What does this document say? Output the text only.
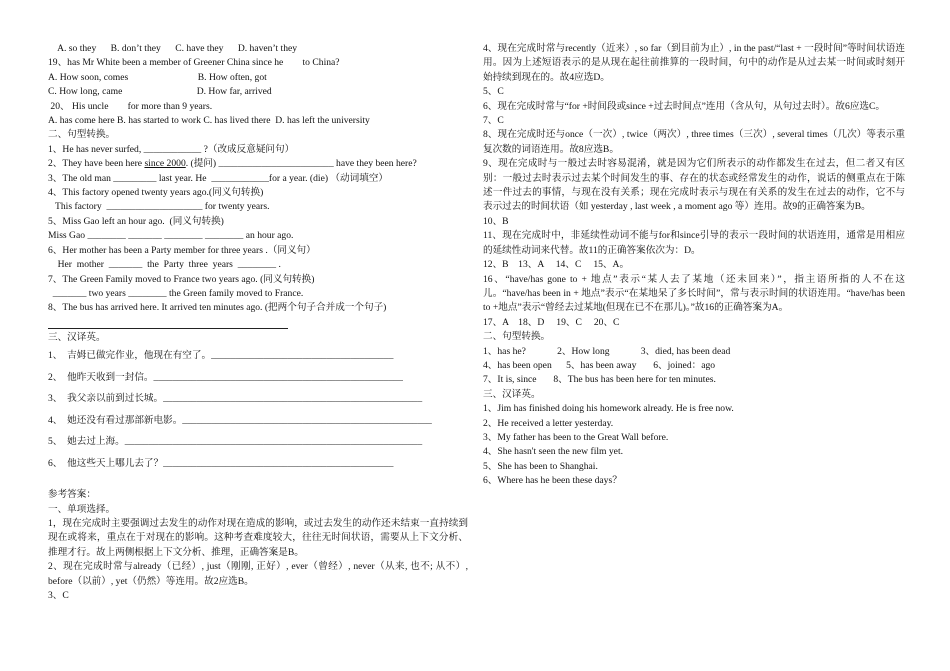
A. so they      B. don’t they      C. have they      D. haven’t they
19、has Mr White been a member of Greener China since he        to China?
A. How soon, comes                             B. How often, got
C. How long, came                               D. How far, arrived
20、 His uncle        for more than 9 years.
A. has come here B. has started to work C. has lived there  D. has left the university
二、句型转换。
1、He has never surfed, ____________ ?（改成反意疑问句）
2、They have been here since 2000. (提问) ________________________ have they been here?
3、The old man _________ last year. He  ____________for a year. (die) （动词填空）
4、This factory opened twenty years ago.(同义句转换)
This factory  ____________________ for twenty years.
5、Miss Gao left an hour ago.  (同义句转换)
Miss Gao ________ _______ ________ ________ an hour ago.
6、Her mother has been a Party member for three years .（同义句）
Her  mother  _______  the  Party  three  years  ________ .
7、The Green Family moved to France two years ago. (同义句转换)
_______ two years ________ the Green family moved to France.
8、The bus has arrived here. It arrived ten minutes ago. (把两个句子合并成一个句子)
三、汉译英。
1、  吉姆已做完作业，他现在有空了。______________________________________
2、  他昨天收到一封信。____________________________________________________
3、  我父亲以前到过长城。______________________________________________________
4、  她还没有看过那部新电影。____________________________________________________
5、  她去过上海。______________________________________________________________
6、  他这些天上哪儿去了？________________________________________________
参考答案：
一、单项选择。
1，现在完成时主要强调过去发生的动作对现在造成的影响，或过去发生的动作还未结束一直持续到现在或将来，重点在于对现在的影响。这种考查难度较大，往往无时间状语，需要从上下文分析、推理才行。故上两侧根据上下文分析、推理，正确答案是B。
2、现在完成时常与already（已经）, just（刚刚, 正好）, ever（曾经）, never（从来, 也不; 从不）, before（以前）, yet（仍然）等连用。故2应选B。
3、C
4、现在完成时常与recently（近来）, so far（到目前为止）, in the past/“last + 一段时间”等时间状语连用。因为上述短语表示的是从现在起往前推算的一段时间，句中的动作是从过去某一时间或时刻开始持续到现在的。故4应选D。
5、C
6、现在完成时常与“for +时间段或since +过去时间点”连用（含从句，从句过去时）。故6应选C。
7、C
8、现在完成时还与once（一次）, twice（两次）, three times（三次）, several times（几次）等表示重复次数的词语连用。故8应选B。
9、现在完成时与一般过去时容易混淆，就是因为它们所表示的动作都发生在过去，但二者又有区别：一般过去时表示过去某个时间发生的事、存在的状态或经常发生的动作，说话的侧重点在于陈述一件过去的事情，与现在没有关系；现在完成时表示与现在有关系的发生在过去的动作，它不与表示过去的时间状语（如 yesterday , last week , a moment ago 等）连用。故9的正确答案为B。
10、B
11、现在完成时中，非延续性动词不能与for和since引导的表示一段时间的状语连用，通常是用相应的延续性动词来代替。故11的正确答案依次为：D。
12、B    13、A     14、C     15、A。
16、“have/has gone to + 地点”表示“某人去了某地（还未回来）”，指主语所指的人不在这儿。“have/has been in + 地点”表示“在某地呆了多长时间”，常与表示时间的状语连用。“have/has been to +地点”表示“曾经去过某地(但现在已不在那儿)。”故16的正确答案为A。
17、A    18、D     19、C     20、C
二、句型转换。
1、has he?             2、How long             3、died, has been dead
4、has been open      5、has been away       6、joined：ago
7、It is, since       8、The bus has been here for ten minutes.
三、汉译英。
1、Jim has finished doing his homework already. He is free now.
2、He received a letter yesterday.
3、My father has been to the Great Wall before.
4、She hasn't seen the new film yet.
5、She has been to Shanghai.
6、Where has he been these days？
